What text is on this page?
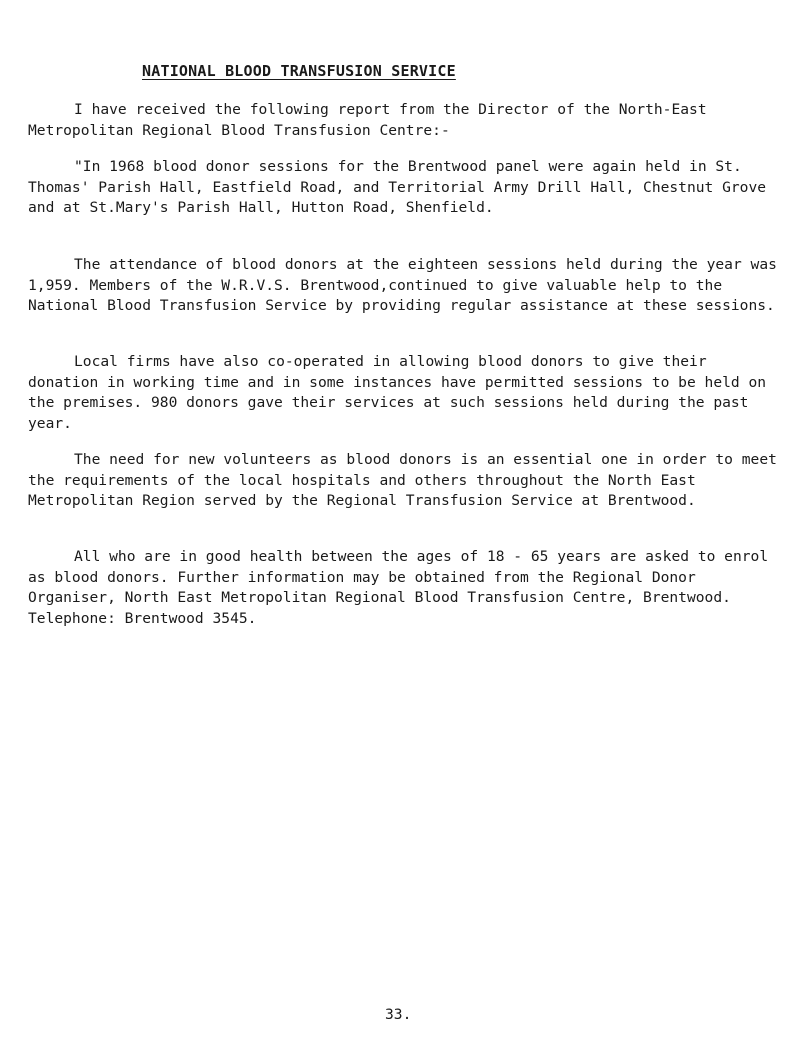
NATIONAL BLOOD TRANSFUSION SERVICE

I have received the following report from the Director of the North-East Metropolitan Regional Blood Transfusion Centre:-

"In 1968 blood donor sessions for the Brentwood panel were again held in St. Thomas' Parish Hall, Eastfield Road, and Territorial Army Drill Hall, Chestnut Grove and at St.Mary's Parish Hall, Hutton Road, Shenfield.

The attendance of blood donors at the eighteen sessions held during the year was 1,959. Members of the W.R.V.S. Brentwood,continued to give valuable help to the National Blood Transfusion Service by providing regular assistance at these sessions.

Local firms have also co-operated in allowing blood donors to give their donation in working time and in some instances have permitted sessions to be held on the premises. 980 donors gave their services at such sessions held during the past year.

The need for new volunteers as blood donors is an essential one in order to meet the requirements of the local hospitals and others throughout the North East Metropolitan Region served by the Regional Transfusion Service at Brentwood.

All who are in good health between the ages of 18 - 65 years are asked to enrol as blood donors. Further information may be obtained from the Regional Donor Organiser, North East Metropolitan Regional Blood Transfusion Centre, Brentwood. Telephone: Brentwood 3545.

33.
